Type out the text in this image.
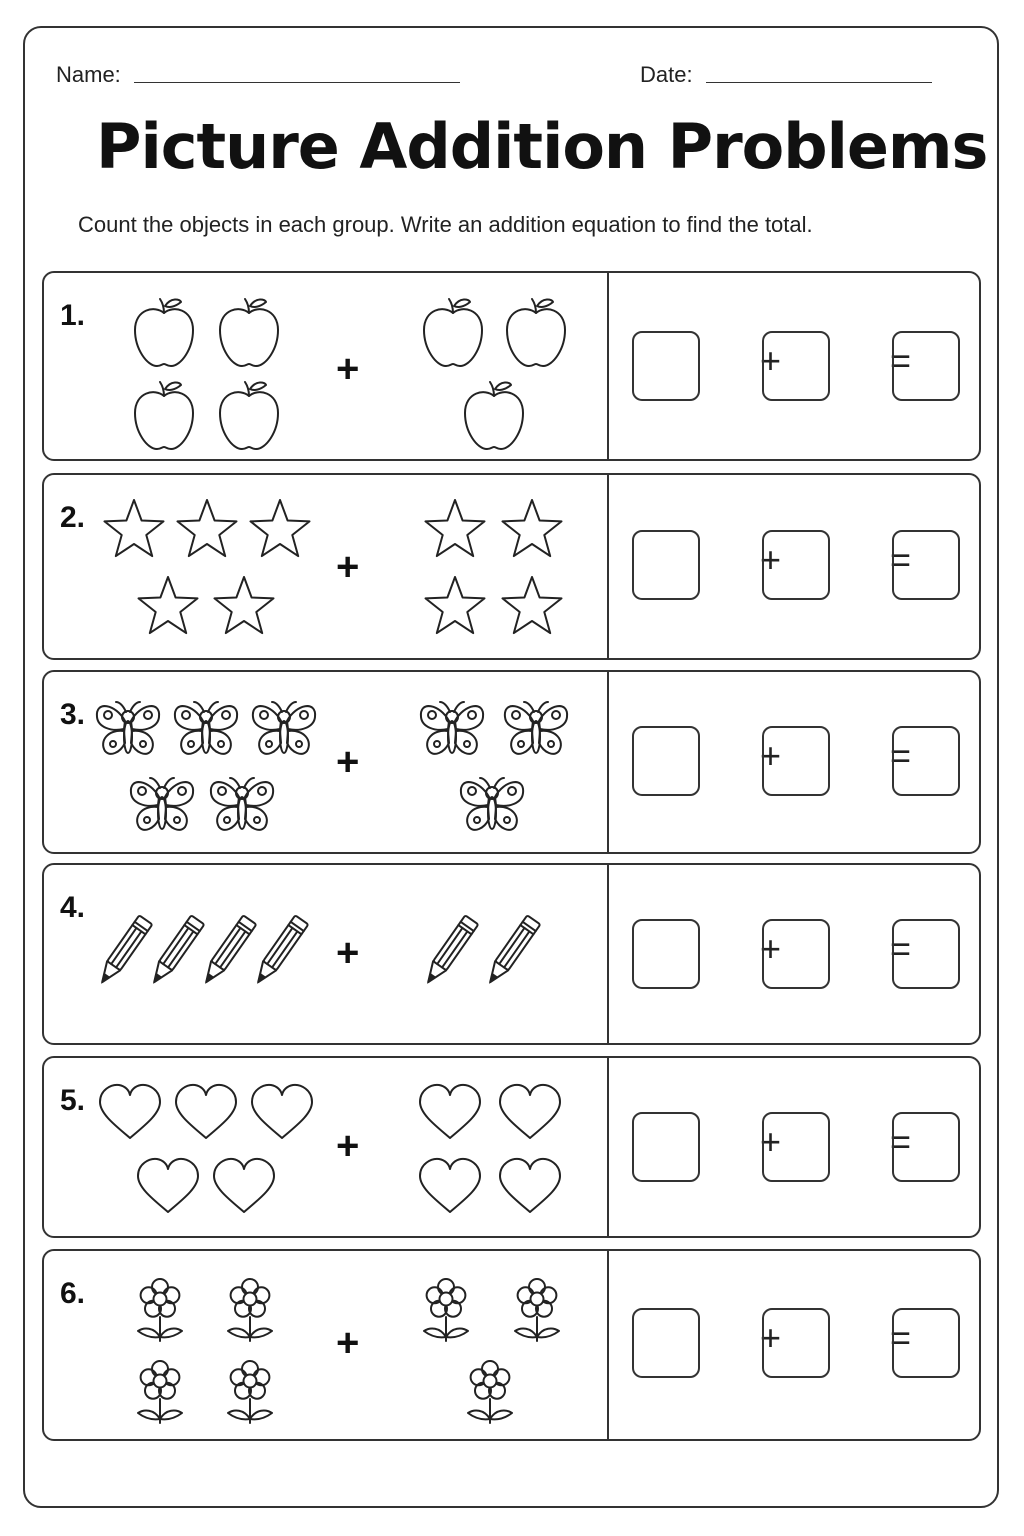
Name:	Date:
Picture Addition Problems

Count the objects in each group. Write an addition equation to find the total.

1.
+	+	=
2.
+	+	=
3.
+	+	=
4.
+	+	=
5.
+	+	=
6.
+	+	=
